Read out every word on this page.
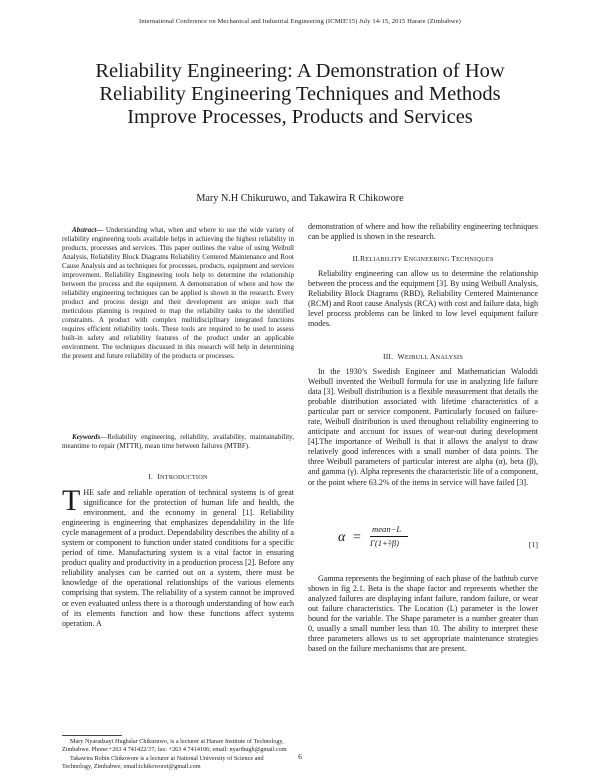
International Conference on Mechanical and Industrial Engineering (ICMIE'15) July 14-15, 2015 Harare (Zimbabwe)
Reliability Engineering: A Demonstration of How Reliability Engineering Techniques and Methods Improve Processes, Products and Services
Mary N.H Chikuruwo, and Takawira R Chikowore

Abstract— Understanding what, when and where to use the wide variety of reliability engineering tools available helps in achieving the highest reliability in products, processes and services. This paper outlines the value of using Weibull Analysis, Reliability Block Diagrams Reliability Centered Maintenance and Root Cause Analysis and as techniques for processes, products, equipment and services improvement. Reliability Engineering tools help to determine the relationship between the process and the equipment. A demonstration of where and how the reliability engineering techniques can be applied is shown in the research. Every product and process design and their development are unique such that meticulous planning is required to map the reliability tasks to the identified constraints. A product with complex multidisciplinary integrated functions requires efficient reliability tools. These tools are required to be used to assess built-in safety and reliability features of the product under an applicable environment. The techniques discussed in this research will help in determining the present and future reliability of the products or processes.

Keywords—Reliability engineering, reliability, availability, maintainability, meantime to repair (MTTR), mean time between failures (MTBF).

I. INTRODUCTION

THE safe and reliable operation of technical systems is of great significance for the protection of human life and health, the environment, and the economy in general [1]. Reliability engineering is engineering that emphasizes dependability in the life cycle management of a product. Dependability describes the ability of a system or component to function under stated conditions for a specific period of time. Manufacturing system is a vital factor in ensuring product quality and productivity in a production process [2]. Before any reliability analyses can be carried out on a system, there must be knowledge of the operational relationships of the various elements comprising that system. The reliability of a system cannot be improved or even evaluated unless there is a thorough understanding of how each of its elements function and how these functions affect systems operation. A

Mary Nyaradzayi Hughslar Chikuruwo, is a lecturer at Harare Institute of Technology, Zimbabwe. Phone:+263 4 741422/37; fax: +263 4 7414106; email: nyarihugh@gmail.com

Takawira Robin Chikowore is a lecturer at National University of Science and Technology, Zimbabwe; email:tchikoworet@gmail.com

demonstration of where and how the reliability engineering techniques can be applied is shown in the research.

II.RELIABILITY ENGINEERING TECHNIQUES

Reliability engineering can allow us to determine the relationship between the process and the equipment [3]. By using Weibull Analysis, Reliability Block Diagrams (RBD), Reliability Centered Maintenance (RCM) and Root cause Analysis (RCA) with cost and failure data, high level process problems can be linked to low level equipment failure modes.

III. WEIBULL ANALYSIS

In the 1930’s Swedish Engineer and Mathematician Waloddi Weibull invented the Weibull formula for use in analyzing life failure data [3]. Weibull distribution is a flexible measurement that details the probable distribution associated with lifetime characteristics of a particular part or service component. Particularly focused on failure-rate, Weibull distribution is used throughout reliability engineering to anticipate and account for issues of wear-out during development [4].The importance of Weibull is that it allows the analyst to draw relatively good inferences with a small number of data points. The three Weibull parameters of particular interest are alpha (α), beta (β), and gamma (γ). Alpha represents the characteristic life of a component, or the point where 63.2% of the items in service will have failed [3].

α =
mean−L
Γ(1+²⁄β)	[1]

Gamma represents the beginning of each phase of the bathtub curve shown in fig 2.1. Beta is the shape factor and represents whether the analyzed failures are displaying infant failure, random failure, or wear out failure characteristics. The Location (L) parameter is the lower bound for the variable. The Shape parameter is a number greater than 0, usually a small number less than 10. The ability to interpret these three parameters allows us to set appropriate maintenance strategies based on the failure mechanisms that are present.

6
